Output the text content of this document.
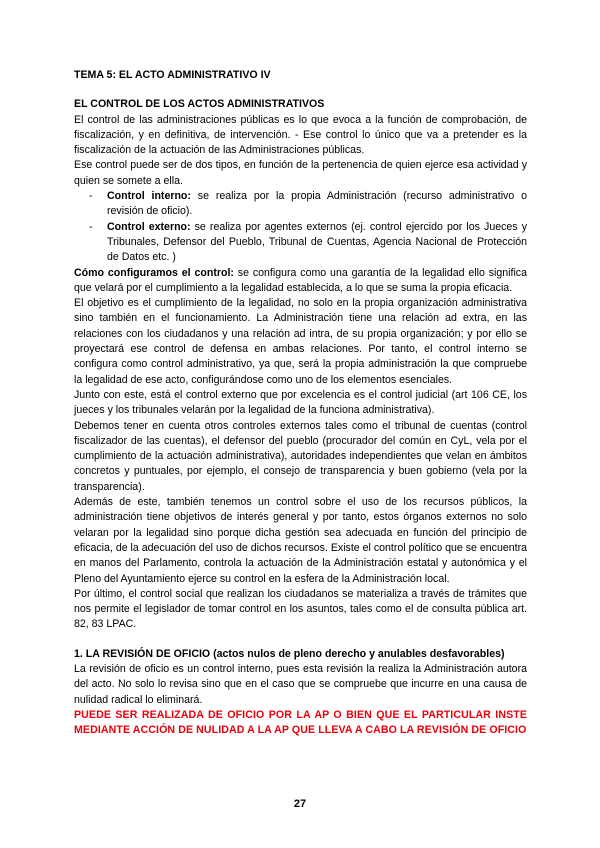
TEMA 5: EL ACTO ADMINISTRATIVO IV

EL CONTROL DE LOS ACTOS ADMINISTRATIVOS

El control de las administraciones públicas es lo que evoca a la función de comprobación, de fiscalización, y en definitiva, de intervención. - Ese control lo único que va a pretender es la fiscalización de la actuación de las Administraciones públicas.

Ese control puede ser de dos tipos, en función de la pertenencia de quien ejerce esa actividad y quien se somete a ella.

- Control interno: se realiza por la propia Administración (recurso administrativo o revisión de oficio).
- Control externo: se realiza por agentes externos (ej. control ejercido por los Jueces y Tribunales, Defensor del Pueblo, Tribunal de Cuentas, Agencia Nacional de Protección de Datos etc. )

Cómo configuramos el control: se configura como una garantía de la legalidad ello significa que velará por el cumplimiento a la legalidad establecida, a lo que se suma la propia eficacia.

El objetivo es el cumplimiento de la legalidad, no solo en la propia organización administrativa sino también en el funcionamiento. La Administración tiene una relación ad extra, en las relaciones con los ciudadanos y una relación ad intra, de su propia organización; y por ello se proyectará ese control de defensa en ambas relaciones. Por tanto, el control interno se configura como control administrativo, ya que, será la propia administración la que compruebe la legalidad de ese acto, configurándose como uno de los elementos esenciales.

Junto con este, está el control externo que por excelencia es el control judicial (art 106 CE, los jueces y los tribunales velarán por la legalidad de la funciona administrativa).

Debemos tener en cuenta otros controles externos tales como el tribunal de cuentas (control fiscalizador de las cuentas), el defensor del pueblo (procurador del común en CyL, vela por el cumplimiento de la actuación administrativa), autoridades independientes que velan en ámbitos concretos y puntuales, por ejemplo, el consejo de transparencia y buen gobierno (vela por la transparencia).

Además de este, también tenemos un control sobre el uso de los recursos públicos, la administración tiene objetivos de interés general y por tanto, estos órganos externos no solo velaran por la legalidad sino porque dicha gestión sea adecuada en función del principio de eficacia, de la adecuación del uso de dichos recursos. Existe el control político que se encuentra en manos del Parlamento, controla la actuación de la Administración estatal y autonómica y el Pleno del Ayuntamiento ejerce su control en la esfera de la Administración local.

Por último, el control social que realizan los ciudadanos se materializa a través de trámites que nos permite el legislador de tomar control en los asuntos, tales como el de consulta pública art. 82, 83 LPAC.

1. LA REVISIÓN DE OFICIO (actos nulos de pleno derecho y anulables desfavorables)

La revisión de oficio es un control interno, pues esta revisión la realiza la Administración autora del acto. No solo lo revisa sino que en el caso que se compruebe que incurre en una causa de nulidad radical lo eliminará.

PUEDE SER REALIZADA DE OFICIO POR LA AP O BIEN QUE EL PARTICULAR INSTE MEDIANTE ACCIÓN DE NULIDAD A LA AP QUE LLEVA A CABO LA REVISIÓN DE OFICIO

27
